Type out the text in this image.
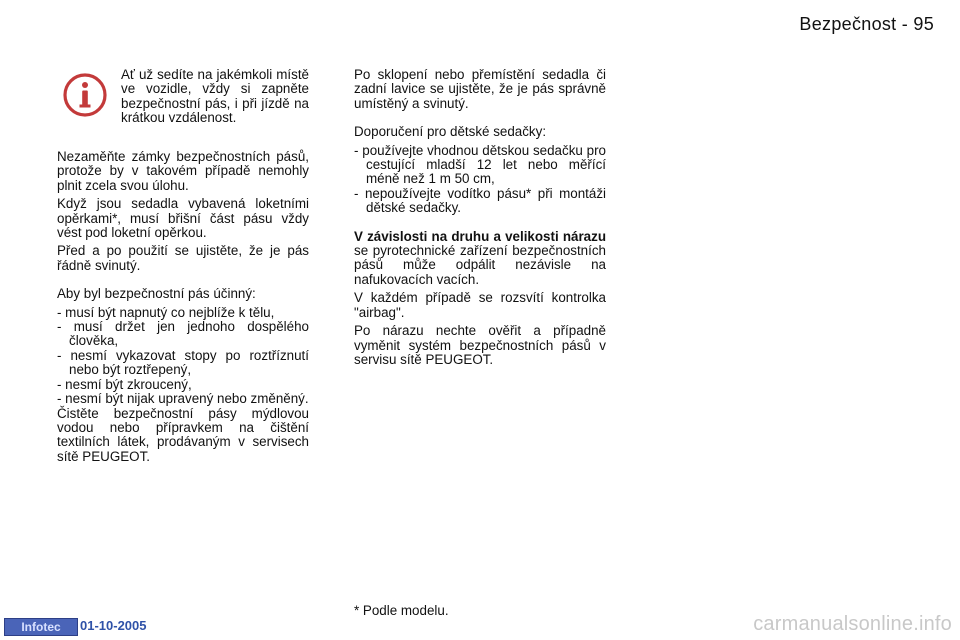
Bezpečnost - 95

Ať už sedíte na jakémkoli místě ve vozidle, vždy si zapněte bezpečnostní pás, i při jízdě na krátkou vzdálenost.

Nezaměňte zámky bezpečnostních pásů, protože by v takovém případě nemohly plnit zcela svou úlohu.

Když jsou sedadla vybavená loketními opěrkami*, musí břišní část pásu vždy vést pod loketní opěrkou.

Před a po použití se ujistěte, že je pás řádně svinutý.

Aby byl bezpečnostní pás účinný:

- musí být napnutý co nejblíže k tělu,

- musí držet jen jednoho dospělého člověka,

- nesmí vykazovat stopy po roztříznutí nebo být roztřepený,

- nesmí být zkroucený,

- nesmí být nijak upravený nebo změněný.

Čistěte bezpečnostní pásy mýdlovou vodou nebo přípravkem na čištění textilních látek, prodávaným v servisech sítě PEUGEOT.

Po sklopení nebo přemístění sedadla či zadní lavice se ujistěte, že je pás správně umístěný a svinutý.

Doporučení pro dětské sedačky:

- používejte vhodnou dětskou sedačku pro cestující mladší 12 let nebo měřící méně než 1 m 50 cm,

- nepoužívejte vodítko pásu* při montáži dětské sedačky.

V závislosti na druhu a velikosti nárazu se pyrotechnické zařízení bezpečnostních pásů může odpálit nezávisle na nafukovacích vacích.

V každém případě se rozsvítí kontrolka "airbag".

Po nárazu nechte ověřit a případně vyměnit systém bezpečnostních pásů v servisu sítě PEUGEOT.

* Podle modelu.
Infotec	01-10-2005	carmanualsonline.info
